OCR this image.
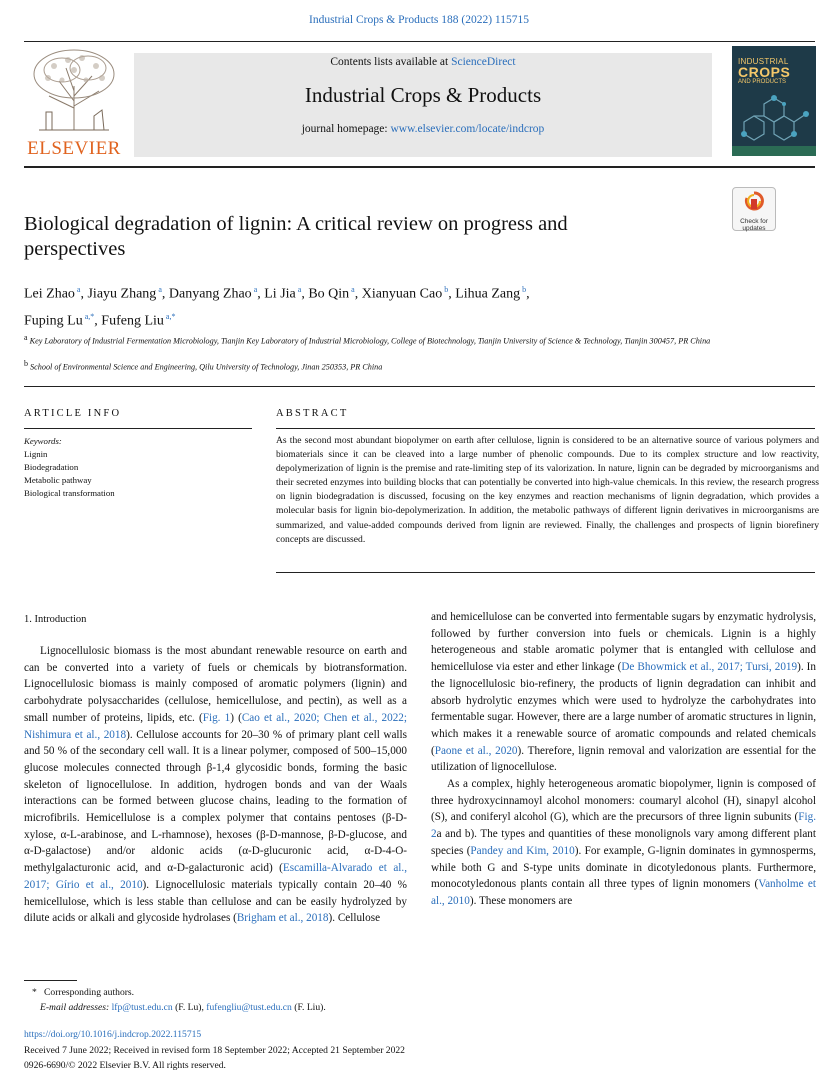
Industrial Crops & Products 188 (2022) 115715
ELSEVIER
Contents lists available at ScienceDirect
Industrial Crops & Products
journal homepage: www.elsevier.com/locate/indcrop
INDUSTRIAL
CROPS
AND PRODUCTS
Biological degradation of lignin: A critical review on progress and perspectives
Check for
updates
Lei Zhao $^a$, Jiayu Zhang $^a$, Danyang Zhao $^a$, Li Jia $^a$, Bo Qin $^a$, Xianyuan Cao $^b$, Lihua Zang $^b$,
Fuping Lu $^{a,*}$, Fufeng Liu $^{a,*}$
$^a$ Key Laboratory of Industrial Fermentation Microbiology, Tianjin Key Laboratory of Industrial Microbiology, College of Biotechnology, Tianjin University of Science & Technology, Tianjin 300457, PR China
$^b$ School of Environmental Science and Engineering, Qilu University of Technology, Jinan 250353, PR China
ARTICLE INFO	ABSTRACT
Keywords:
Lignin
Biodegradation
Metabolic pathway
Biological transformation
As the second most abundant biopolymer on earth after cellulose, lignin is considered to be an alternative source of various polymers and biomaterials since it can be cleaved into a large number of phenolic compounds. Due to its complex structure and low reactivity, depolymerization of lignin is the premise and rate-limiting step of its valorization. In nature, lignin can be degraded by microorganisms and their secreted enzymes into building blocks that can potentially be converted into high-value chemicals. In this review, the research progress on lignin biodegradation is discussed, focusing on the key enzymes and reaction mechanisms of lignin degradation, which provides a molecular basis for lignin bio-depolymerization. In addition, the metabolic pathways of different lignin derivatives in microorganisms are summarized, and value-added compounds derived from lignin are reviewed. Finally, the challenges and prospects of lignin biorefinery concepts are discussed.
1. Introduction

Lignocellulosic biomass is the most abundant renewable resource on earth and can be converted into a variety of fuels or chemicals by biotransformation. Lignocellulosic biomass is mainly composed of aromatic polymers (lignin) and carbohydrate polysaccharides (cellulose, hemicellulose, and pectin), as well as a small number of proteins, lipids, etc. (Fig. 1) (Cao et al., 2020; Chen et al., 2022; Nishimura et al., 2018). Cellulose accounts for 20–30 % of primary plant cell walls and 50 % of the secondary cell wall. It is a linear polymer, composed of 500–15,000 glucose molecules connected through β-1,4 glycosidic bonds, forming the basic skeleton of lignocellulose. In addition, hydrogen bonds and van der Waals interactions can be formed between glucose chains, leading to the formation of microfibrils. Hemicellulose is a complex polymer that contains pentoses (β-D-xylose, α-L-arabinose, and L-rhamnose), hexoses (β-D-mannose, β-D-glucose, and α-D-galactose) and/or aldonic acids (α-D-glucuronic acid, α-D-4-O-methylgalacturonic acid, and α-D-galacturonic acid) (Escamilla-Alvarado et al., 2017; Gírio et al., 2010). Lignocellulosic materials typically contain 20–40 % hemicellulose, which is less stable than cellulose and can be easily hydrolyzed by dilute acids or alkali and glycoside hydrolases (Brigham et al., 2018). Cellulose

and hemicellulose can be converted into fermentable sugars by enzymatic hydrolysis, followed by further conversion into fuels or chemicals. Lignin is a highly heterogeneous and stable aromatic polymer that is entangled with cellulose and hemicellulose via ester and ether linkage (De Bhowmick et al., 2017; Tursi, 2019). In the lignocellulosic bio-refinery, the products of lignin degradation can inhibit and absorb hydrolytic enzymes which were used to hydrolyze the carbohydrates into fermentable sugar. However, there are a large number of aromatic structures in lignin, which makes it a renewable source of aromatic compounds and related chemicals (Paone et al., 2020). Therefore, lignin removal and valorization are essential for the utilization of lignocellulose.

As a complex, highly heterogeneous aromatic biopolymer, lignin is composed of three hydroxycinnamoyl alcohol monomers: coumaryl alcohol (H), sinapyl alcohol (S), and coniferyl alcohol (G), which are the precursors of three lignin subunits (Fig. 2a and b). The types and quantities of these monolignols vary among different plant species (Pandey and Kim, 2010). For example, G-lignin dominates in gymnosperms, while both G and S-type units dominate in dicotyledonous plants. Furthermore, monocotyledonous plants contain all three types of lignin monomers (Vanholme et al., 2010). These monomers are

* Corresponding authors.
E-mail addresses: lfp@tust.edu.cn (F. Lu), fufengliu@tust.edu.cn (F. Liu).
https://doi.org/10.1016/j.indcrop.2022.115715
Received 7 June 2022; Received in revised form 18 September 2022; Accepted 21 September 2022
0926-6690/© 2022 Elsevier B.V. All rights reserved.
